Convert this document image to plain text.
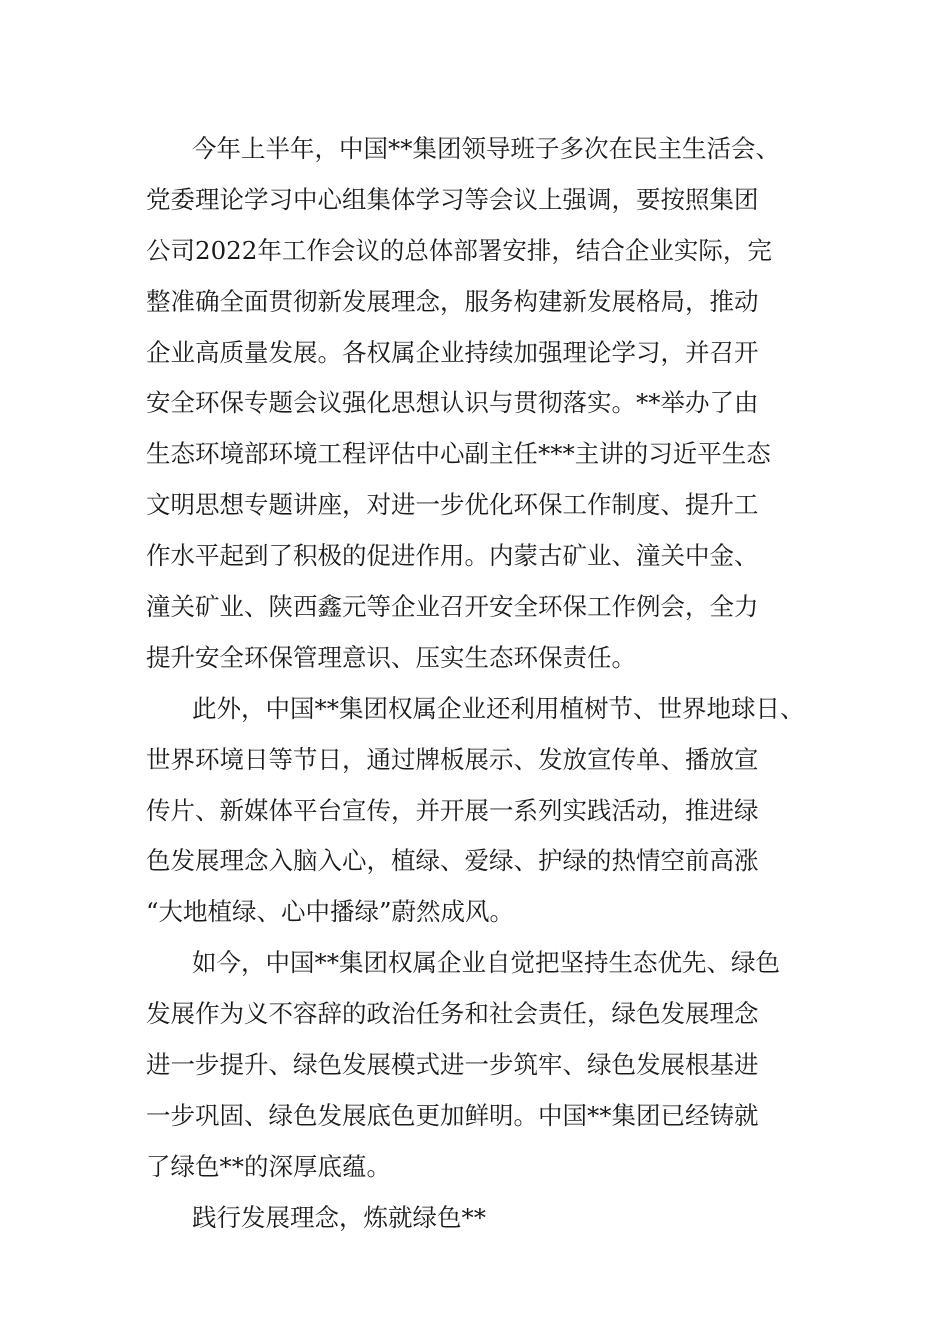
今年上半年，中国**集团领导班子多次在民主生活会、
党委理论学习中心组集体学习等会议上强调，要按照集团
公司2022年工作会议的总体部署安排，结合企业实际，完
整准确全面贯彻新发展理念，服务构建新发展格局，推动
企业高质量发展。各权属企业持续加强理论学习，并召开
安全环保专题会议强化思想认识与贯彻落实。**举办了由
生态环境部环境工程评估中心副主任***主讲的习近平生态
文明思想专题讲座，对进一步优化环保工作制度、提升工
作水平起到了积极的促进作用。内蒙古矿业、潼关中金、
潼关矿业、陕西鑫元等企业召开安全环保工作例会，全力
提升安全环保管理意识、压实生态环保责任。
此外，中国**集团权属企业还利用植树节、世界地球日、
世界环境日等节日，通过牌板展示、发放宣传单、播放宣
传片、新媒体平台宣传，并开展一系列实践活动，推进绿
色发展理念入脑入心，植绿、爱绿、护绿的热情空前高涨
“大地植绿、心中播绿”蔚然成风。
如今，中国**集团权属企业自觉把坚持生态优先、绿色
发展作为义不容辞的政治任务和社会责任，绿色发展理念
进一步提升、绿色发展模式进一步筑牢、绿色发展根基进
一步巩固、绿色发展底色更加鲜明。中国**集团已经铸就
了绿色**的深厚底蕴。
践行发展理念，炼就绿色**
